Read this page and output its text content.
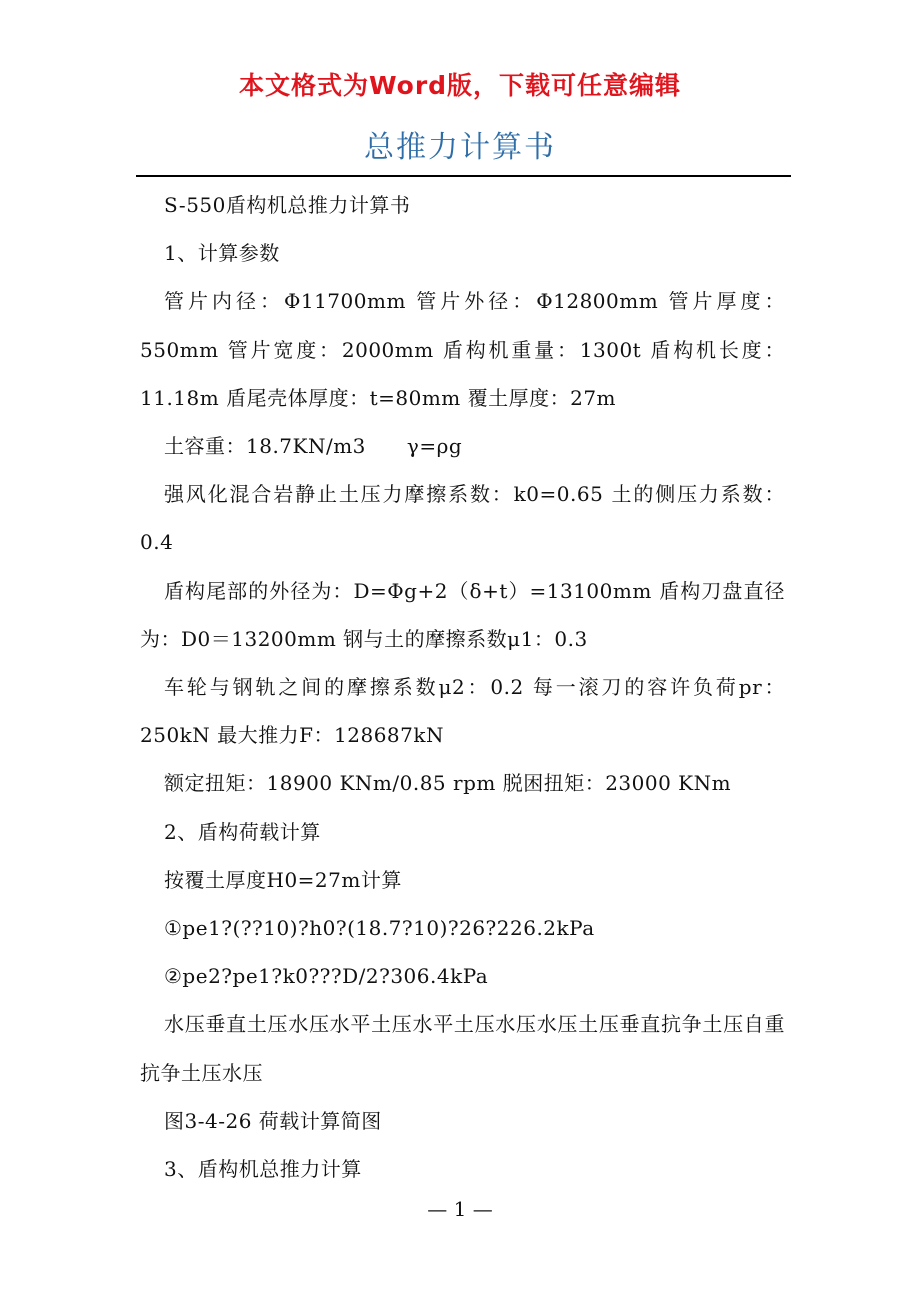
本文格式为Word版，下载可任意编辑
总推力计算书

S-550盾构机总推力计算书

1、计算参数

管片内径：Φ11700mm 管片外径：Φ12800mm 管片厚度：550mm 管片宽度：2000mm 盾构机重量：1300t 盾构机长度：11.18m 盾尾壳体厚度：t=80mm 覆土厚度：27m

土容重：18.7KN/m3　　γ=ρg

强风化混合岩静止土压力摩擦系数：k0=0.65 土的侧压力系数：0.4

盾构尾部的外径为：D=Φg+2（δ+t）=13100mm 盾构刀盘直径为：D0＝13200mm 钢与土的摩擦系数μ1：0.3

车轮与钢轨之间的摩擦系数μ2：0.2 每一滚刀的容许负荷pr：250kN 最大推力F：128687kN

额定扭矩：18900 KNm/0.85 rpm 脱困扭矩：23000 KNm

2、盾构荷载计算

按覆土厚度H0=27m计算

①pe1?(??10)?h0?(18.7?10)?26?226.2kPa

②pe2?pe1?k0???D/2?306.4kPa

水压垂直土压水压水平土压水平土压水压水压土压垂直抗争土压自重抗争土压水压

图3-4-26 荷载计算简图

3、盾构机总推力计算

— 1 —
